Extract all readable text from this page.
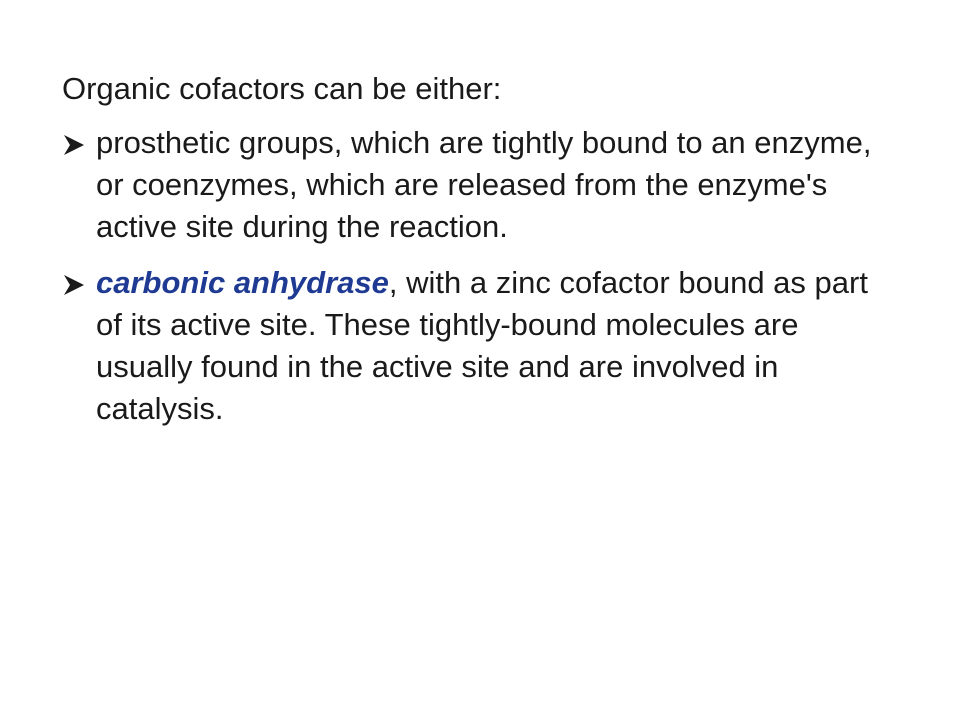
Organic cofactors can be either:

prosthetic groups, which are tightly bound to an enzyme, or coenzymes, which are released from the enzyme's active site during the reaction.
carbonic anhydrase, with a zinc cofactor bound as part of its active site. These tightly-bound molecules are usually found in the active site and are involved in catalysis.
